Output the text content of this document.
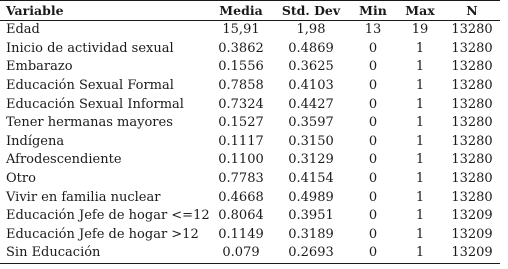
Variable	Media	Std. Dev	Min	Max	N
Edad	15,91	1,98	13	19	13280
Inicio de actividad sexual	0.3862	0.4869	0	1	13280
Embarazo	0.1556	0.3625	0	1	13280
Educación Sexual Formal	0.7858	0.4103	0	1	13280
Educación Sexual Informal	0.7324	0.4427	0	1	13280
Tener hermanas mayores	0.1527	0.3597	0	1	13280
Indígena	0.1117	0.3150	0	1	13280
Afrodescendiente	0.1100	0.3129	0	1	13280
Otro	0.7783	0.4154	0	1	13280
Vivir en familia nuclear	0.4668	0.4989	0	1	13280
Educación Jefe de hogar <=12	0.8064	0.3951	0	1	13209
Educación Jefe de hogar >12	0.1149	0.3189	0	1	13209
Sin Educación	0.079	0.2693	0	1	13209
